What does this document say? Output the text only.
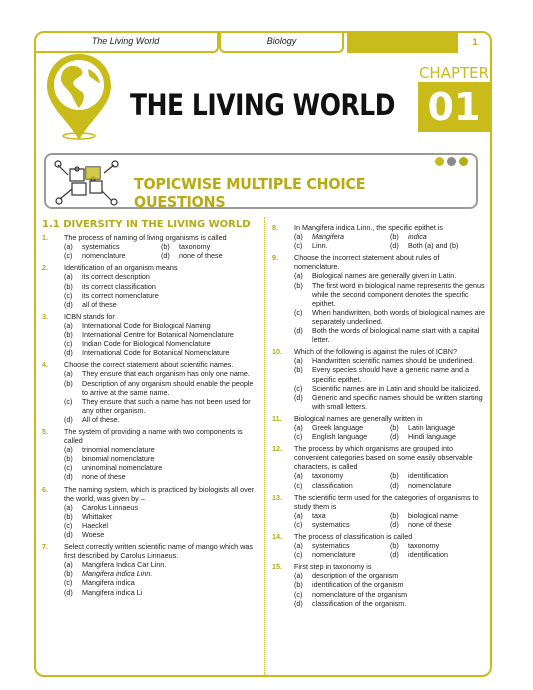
The Living World	Biology	1
THE LIVING WORLD
CHAPTER
01
TOPICWISE MULTIPLE CHOICE QUESTIONS
1.1 DIVERSITY IN THE LIVING WORLD
1.	The process of naming of living organisms is called
(a)	systematics	(b)	taxonomy
(c)	nomenclature	(d)	none of these
2.	Identification of an organism means
(a)	its correct description
(b)	its correct classification
(c)	its correct nomenclature
(d)	all of these
3.	ICBN stands for
(a)	International Code for Biological Naming
(b)	International Centre for Botanical Nomenclature
(c)	Indian Code for Biological Nomenclature
(d)	International Code for Botanical Nomenclature
4.	Choose the correct statement about scientific names.
(a)	They ensure that each organism has only one name.
(b)	Description of any organism should enable the people to arrive at the same name.
(c)	They ensure that such a name has not been used for any other organism.
(d)	All of these.
5.	The system of providing a name with two components is called
(a)	trinomial nomenclature
(b)	binomial nomenclature
(c)	uninominal nomenclature
(d)	none of these
6.	The naming system, which is practiced by biologists all over the world, was given by –
(a)	Carolus Linnaeus
(b)	Whittaker
(c)	Haeckel
(d)	Woese
7.	Select correctly written scientific name of mango which was first described by Carolus Linnaeus.
(a)	Mangifera Indica Car Linn.
(b)	Mangifera indica Linn.
(c)	Mangifera indica
(d)	Mangifera indica Li
8.	In Mangifera indica Linn., the specific epithet is
(a)	Mangifera	(b)	indica
(c)	Linn.	(d)	Both (a) and (b)
9.	Choose the incorrect statement about rules of nomenclature.
(a)	Biological names are generally given in Latin.
(b)	The first word in biological name represents the genus while the second component denotes the specific epithet.
(c)	When handwritten, both words of biological names are separately underlined.
(d)	Both the words of biological name start with a capital letter.
10.	Which of the following is against the rules of ICBN?
(a)	Handwritten scientific names should be underlined.
(b)	Every species should have a generic name and a specific epithet.
(c)	Scientific names are in Latin and should be italicized.
(d)	Generic and specific names should be written starting with small letters.
11.	Biological names are generally written in
(a)	Greek language	(b)	Latin language
(c)	English language	(d)	Hindi language
12.	The process by which organisms are grouped into convenient categories based on some easily observable characters, is called
(a)	taxonomy	(b)	identification
(c)	classification	(d)	nomenclature
13.	The scientific term used for the categories of organisms to study them is
(a)	taxa	(b)	biological name
(c)	systematics	(d)	none of these
14.	The process of classification is called
(a)	systematics	(b)	taxonomy
(c)	nomenclature	(d)	identification
15.	First step in taxonomy is
(a)	description of the organism
(b)	identification of the organism
(c)	nomenclature of the organism
(d)	classification of the organism.
